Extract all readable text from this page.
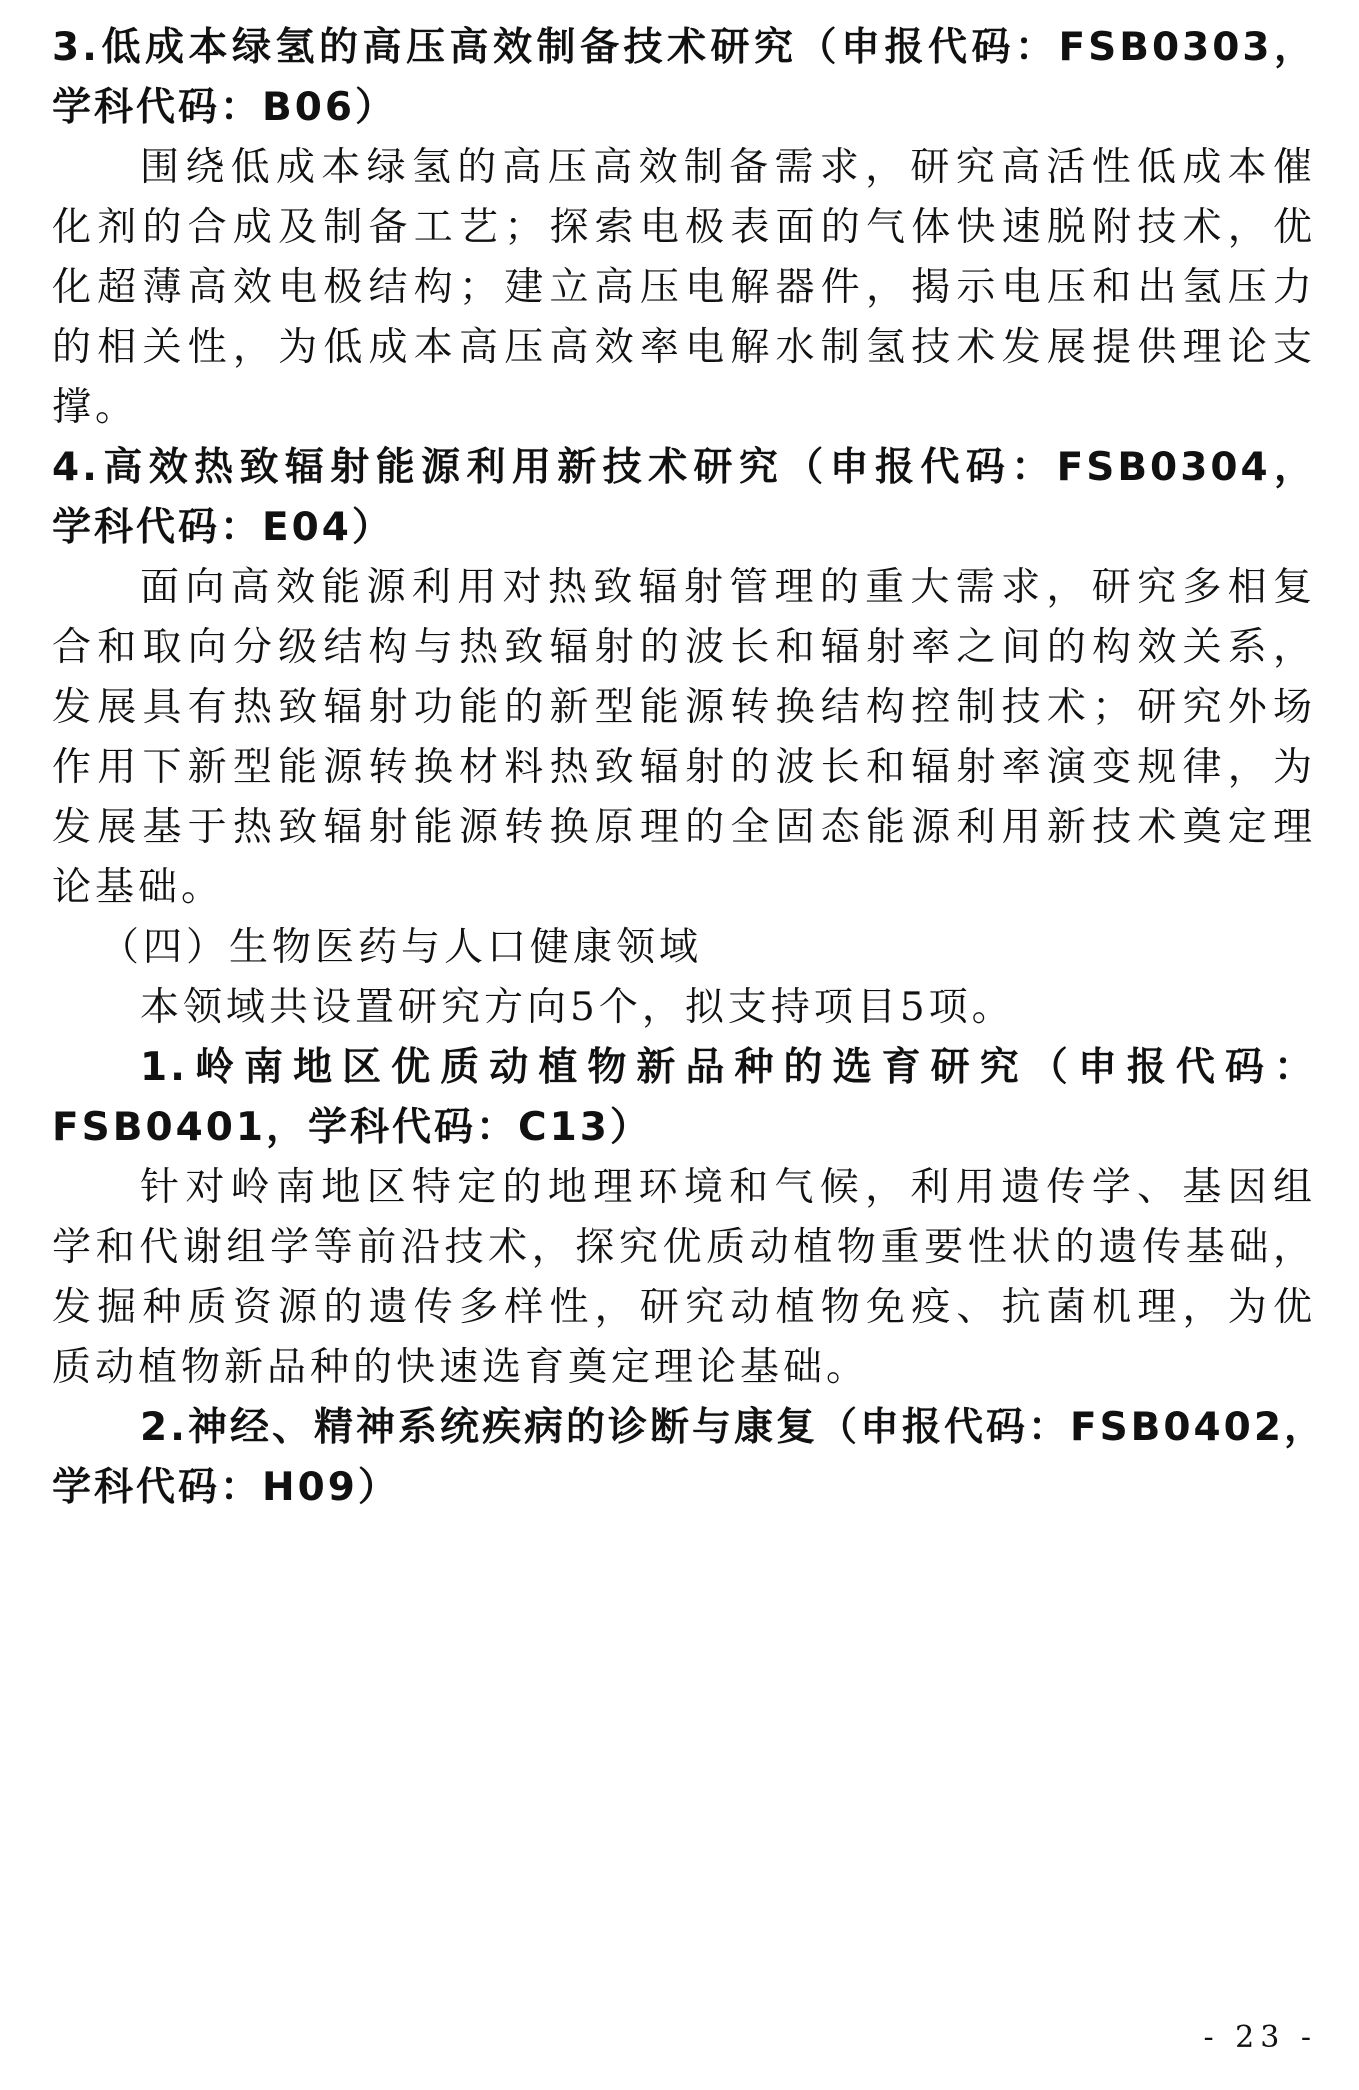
3.低成本绿氢的高压高效制备技术研究（申报代码：FSB0303，
学科代码：B06）
围绕低成本绿氢的高压高效制备需求，研究高活性低成本催
化剂的合成及制备工艺；探索电极表面的气体快速脱附技术，优
化超薄高效电极结构；建立高压电解器件，揭示电压和出氢压力
的相关性，为低成本高压高效率电解水制氢技术发展提供理论支
撑。
4.高效热致辐射能源利用新技术研究（申报代码：FSB0304，
学科代码：E04）
面向高效能源利用对热致辐射管理的重大需求，研究多相复
合和取向分级结构与热致辐射的波长和辐射率之间的构效关系，
发展具有热致辐射功能的新型能源转换结构控制技术；研究外场
作用下新型能源转换材料热致辐射的波长和辐射率演变规律，为
发展基于热致辐射能源转换原理的全固态能源利用新技术奠定理
论基础。
（四）生物医药与人口健康领域
本领域共设置研究方向5个，拟支持项目5项。
1.岭南地区优质动植物新品种的选育研究（申报代码：
FSB0401，学科代码：C13）
针对岭南地区特定的地理环境和气候，利用遗传学、基因组
学和代谢组学等前沿技术，探究优质动植物重要性状的遗传基础，
发掘种质资源的遗传多样性，研究动植物免疫、抗菌机理，为优
质动植物新品种的快速选育奠定理论基础。
2.神经、精神系统疾病的诊断与康复（申报代码：FSB0402，
学科代码：H09）
- 23 -
